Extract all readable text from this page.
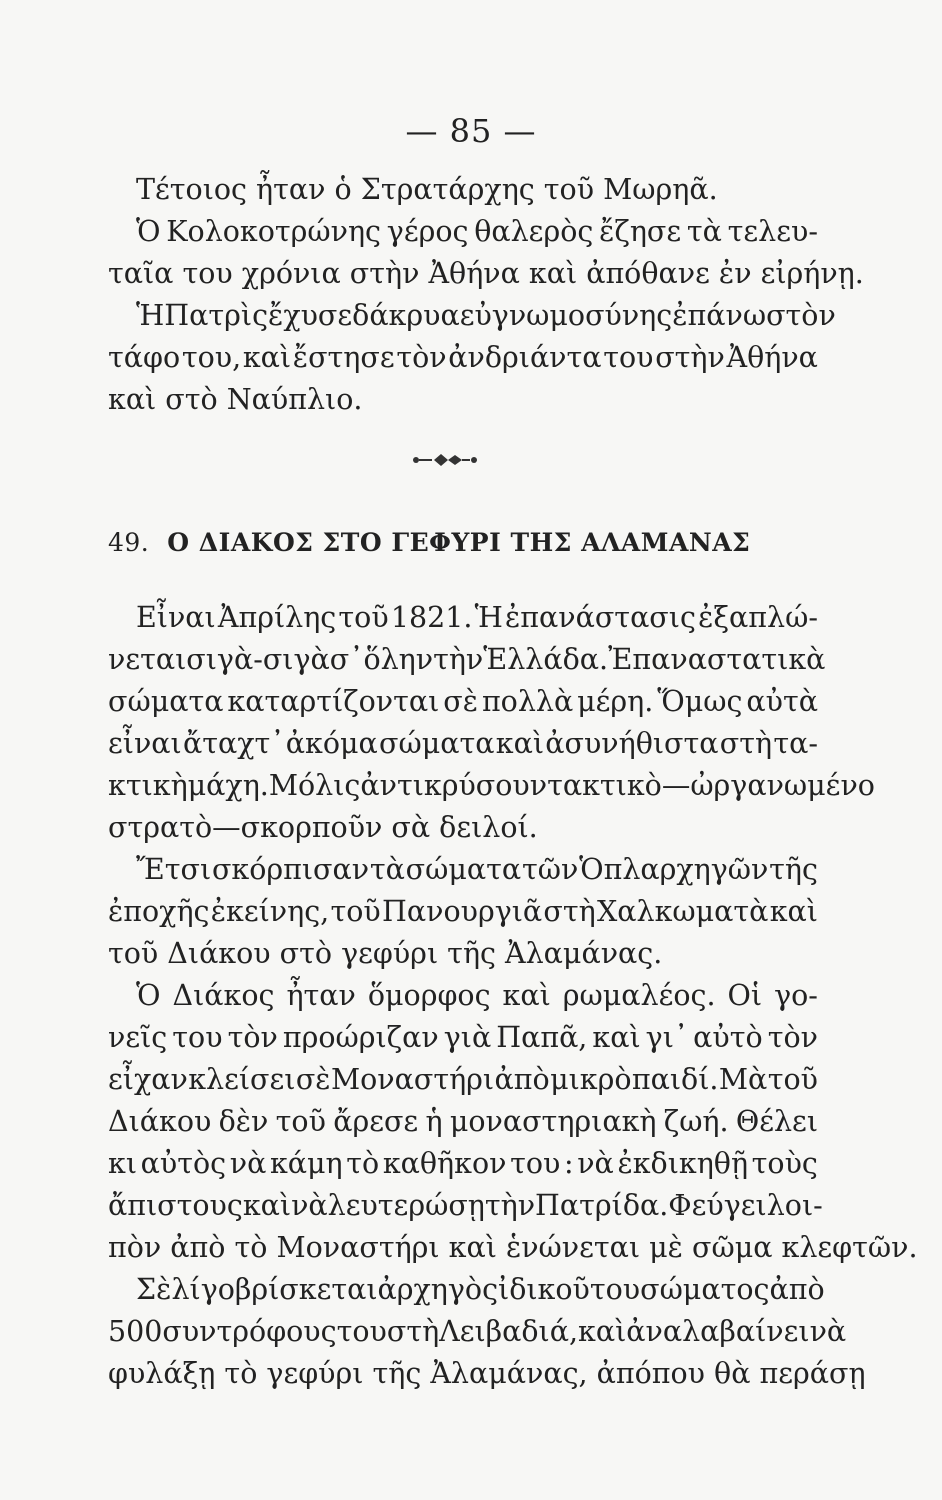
— 85 —
Τέτοιος ἦταν ὁ Στρατάρχης τοῦ Μωρηᾶ.
Ὁ Κολοκοτρώνης γέρος θαλερὸς ἔζησε τὰ τελευ-
ταῖα του χρόνια στὴν Ἀθήνα καὶ ἀπόθανε ἐν εἰρήνῃ.
Ἡ Πατρὶς ἔχυσε δάκρυα εὐγνωμοσύνης ἐπάνω στὸν
τάφο του, καὶ ἔστησε τὸν ἀνδριάντα του στὴν Ἀθήνα
καὶ στὸ Ναύπλιο.
49. Ο ΔΙΑΚΟΣ ΣΤΟ ΓΕΦΥΡΙ ΤΗΣ ΑΛΑΜΑΝΑΣ
Εἶναι Ἀπρίλης τοῦ 1821. Ἡ ἐπανάστασις ἐξαπλώ-
νεται σιγὰ-σιγὰ σ᾽ ὅλην τὴν Ἑλλάδα. Ἐπαναστατικὰ
σώματα καταρτίζονται σὲ πολλὰ μέρη. Ὅμως αὐτὰ
εἶναι ἄταχτ᾽ ἀκόμα σώματα καὶ ἀσυνήθιστα στὴ τα-
κτικὴ μάχη. Μόλις ἀντικρύσουν τακτικὸ — ὠργανωμένο
στρατὸ—σκορποῦν σὰ δειλοί.
Ἔτσι σκόρπισαν τὰ σώματα τῶν Ὁπλαρχηγῶν τῆς
ἐποχῆς ἐκείνης, τοῦ Πανουργιᾶ στὴ Χαλκωματὰ καὶ
τοῦ Διάκου στὸ γεφύρι τῆς Ἀλαμάνας.
Ὁ Διάκος ἦταν ὅμορφος καὶ ρωμαλέος. Οἱ γο-
νεῖς του τὸν προώριζαν γιὰ Παπᾶ, καὶ γι᾽ αὐτὸ τὸν
εἶχαν κλείσει σὲ Μοναστήρι ἀπὸ μικρὸ παιδί. Μὰ τοῦ
Διάκου δὲν τοῦ ἄρεσε ἡ μοναστηριακὴ ζωή. Θέλει
κι αὐτὸς νὰ κάμη τὸ καθῆκον του : νὰ ἐκδικηθῇ τοὺς
ἄπιστους καὶ νὰ λευτερώσῃ τὴν Πατρίδα. Φεύγει λοι-
πὸν ἀπὸ τὸ Μοναστήρι καὶ ἑνώνεται μὲ σῶμα κλεφτῶν.
Σὲ λίγο βρίσκεται ἀρχηγὸς ἰδικοῦ του σώματος ἀπὸ
500 συντρόφους του στὴ Λειβαδιά, καὶ ἀναλαβαίνει νὰ
φυλάξῃ τὸ γεφύρι τῆς Ἀλαμάνας, ἀπόπου θὰ περάσῃ
